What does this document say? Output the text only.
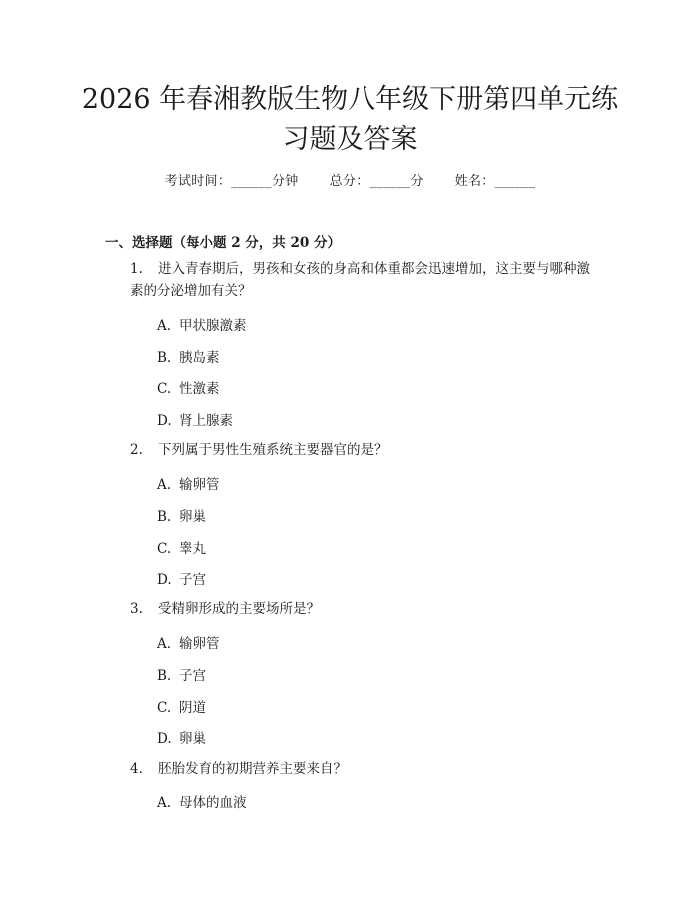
2026 年春湘教版生物八年级下册第四单元练
习题及答案
考试时间：______分钟 总分：______分 姓名：______
一、选择题（每小题 2 分，共 20 分）
1. 进入青春期后，男孩和女孩的身高和体重都会迅速增加，这主要与哪种激素的分泌增加有关？
A. 甲状腺激素
B. 胰岛素
C. 性激素
D. 肾上腺素
2. 下列属于男性生殖系统主要器官的是？
A. 输卵管
B. 卵巢
C. 睾丸
D. 子宫
3. 受精卵形成的主要场所是？
A. 输卵管
B. 子宫
C. 阴道
D. 卵巢
4. 胚胎发育的初期营养主要来自？
A. 母体的血液
